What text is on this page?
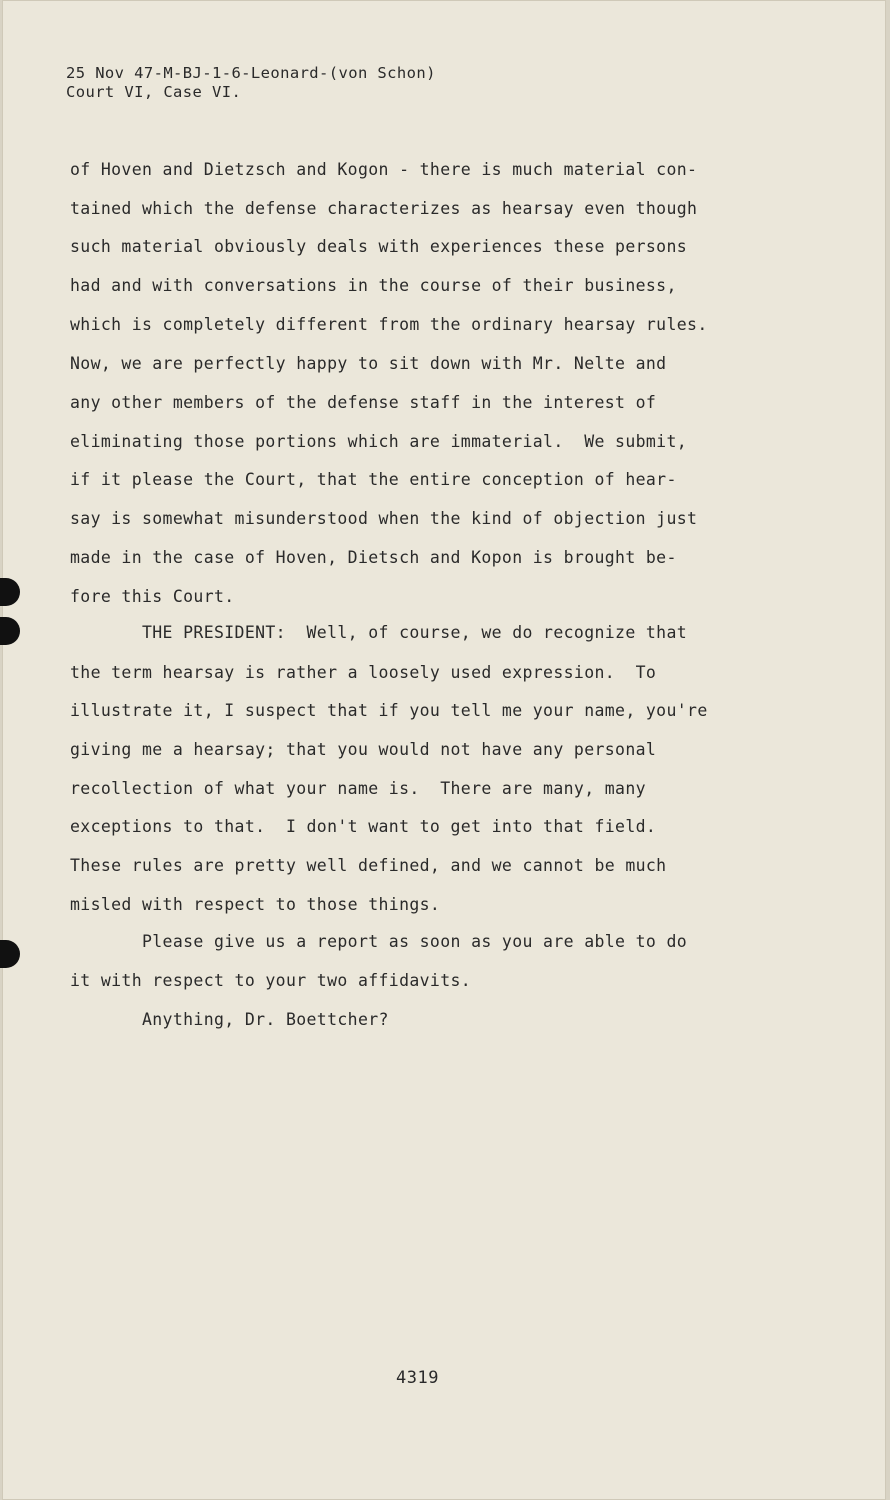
25 Nov 47-M-BJ-1-6-Leonard-(von Schon)
Court VI, Case VI.
of Hoven and Dietzsch and Kogon - there is much material con-
tained which the defense characterizes as hearsay even though
such material obviously deals with experiences these persons
had and with conversations in the course of their business,
which is completely different from the ordinary hearsay rules.
Now, we are perfectly happy to sit down with Mr. Nelte and
any other members of the defense staff in the interest of
eliminating those portions which are immaterial.  We submit,
if it please the Court, that the entire conception of hear-
say is somewhat misunderstood when the kind of objection just
made in the case of Hoven, Dietsch and Kopon is brought be-
fore this Court.
THE PRESIDENT:  Well, of course, we do recognize that
the term hearsay is rather a loosely used expression.  To
illustrate it, I suspect that if you tell me your name, you're
giving me a hearsay; that you would not have any personal
recollection of what your name is.  There are many, many
exceptions to that.  I don't want to get into that field.
These rules are pretty well defined, and we cannot be much
misled with respect to those things.
Please give us a report as soon as you are able to do
it with respect to your two affidavits.
Anything, Dr. Boettcher?
4319
